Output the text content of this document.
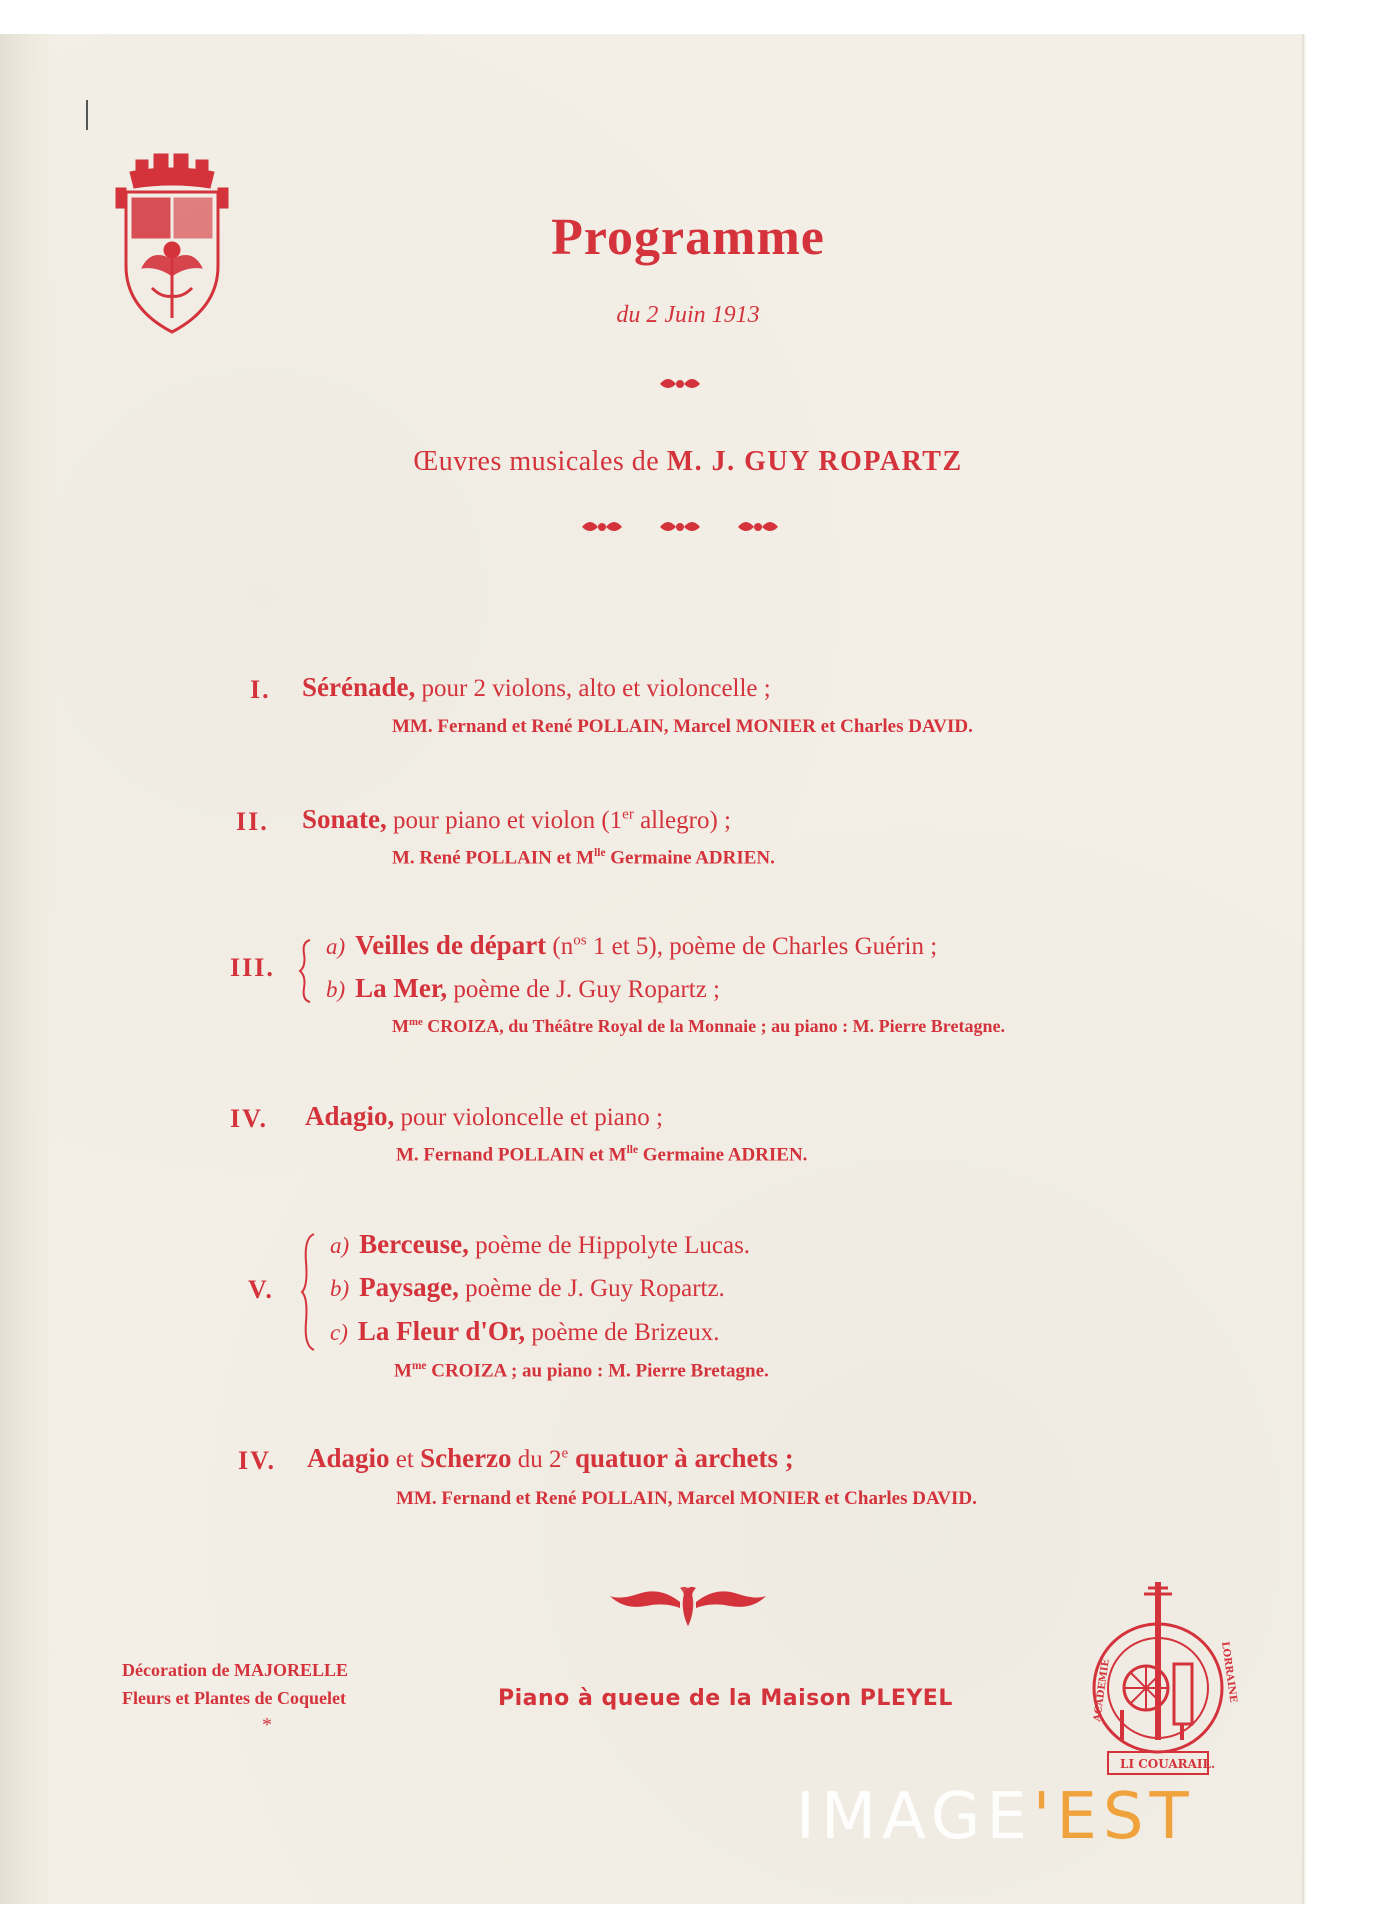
Programme
du 2 Juin 1913
Œuvres musicales de M. J. GUY ROPARTZ
I. Sérénade, pour 2 violons, alto et violoncelle ;
MM. Fernand et René POLLAIN, Marcel MONIER et Charles DAVID.
II. Sonate, pour piano et violon (1er allegro) ;
M. René POLLAIN et $M^{lle}$ Germaine ADRIEN.
III.
a) Veilles de départ ($n^{os}$ 1 et 5), poème de Charles Guérin ;
b) La Mer, poème de J. Guy Ropartz ;
$M^{me}$ CROIZA, du Théâtre Royal de la Monnaie ; au piano : M. Pierre Bretagne.
IV. Adagio, pour violoncelle et piano ;
M. Fernand POLLAIN et $M^{lle}$ Germaine ADRIEN.
V.
a) Berceuse, poème de Hippolyte Lucas.
b) Paysage, poème de J. Guy Ropartz.
c) La Fleur d'Or, poème de Brizeux.
$M^{me}$ CROIZA ; au piano : M. Pierre Bretagne.
IV. Adagio et Scherzo du 2e quatuor à archets ;
MM. Fernand et René POLLAIN, Marcel MONIER et Charles DAVID.
Décoration de MAJORELLE
Fleurs et Plantes de Coquelet
*
Piano à queue de la Maison PLEYEL
LI COUARAIL.
ACADEMIE	LORRAINE
IMAGE'EST
